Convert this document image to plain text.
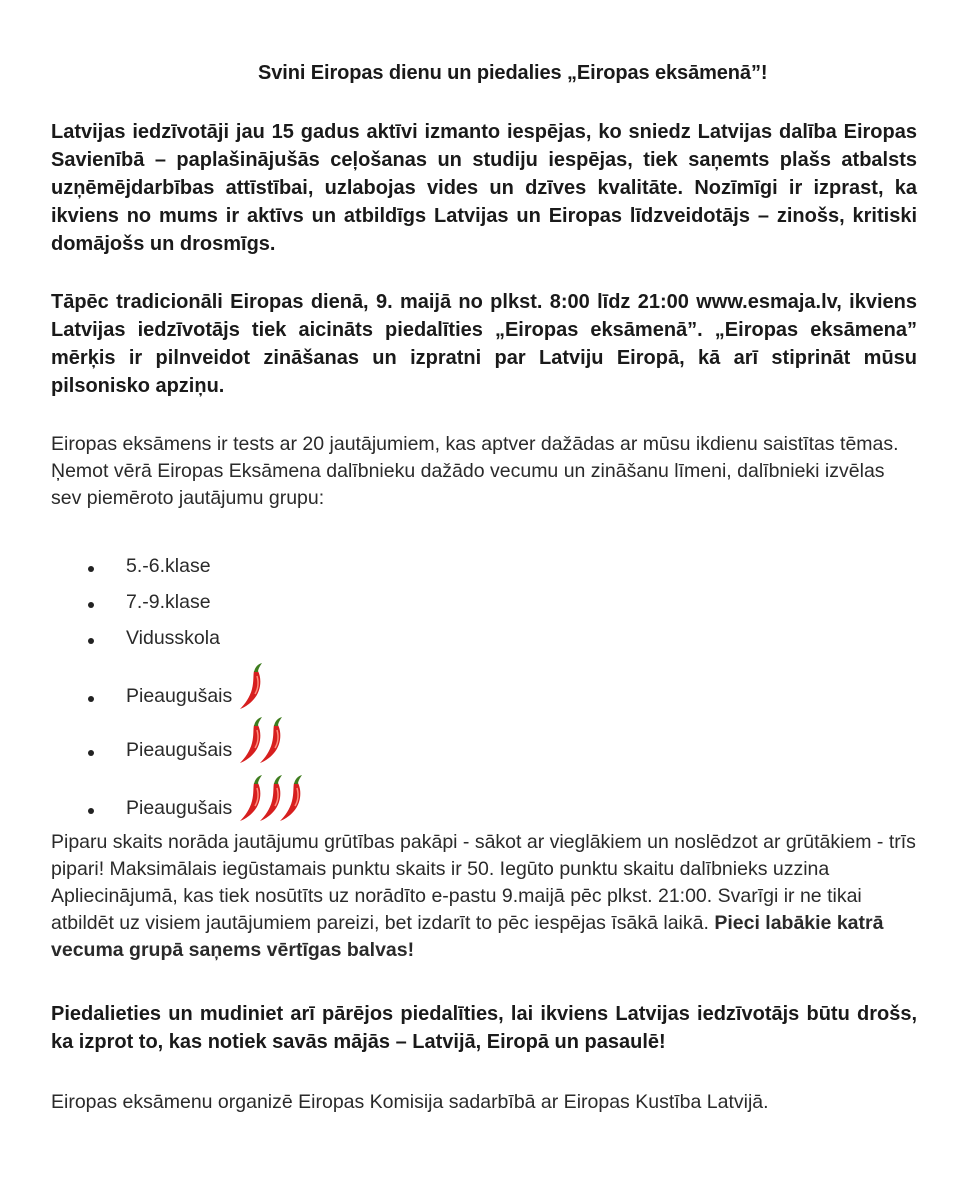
Svini Eiropas dienu un piedalies „Eiropas eksāmenā”!
Latvijas iedzīvotāji jau 15 gadus aktīvi izmanto iespējas, ko sniedz Latvijas dalība Eiropas Savienībā – paplašinājušās ceļošanas un studiju iespējas, tiek saņemts plašs atbalsts uzņēmējdarbības attīstībai, uzlabojas vides un dzīves kvalitāte. Nozīmīgi ir izprast, ka ikviens no mums ir aktīvs un atbildīgs Latvijas un Eiropas līdzveidotājs – zinošs, kritiski domājošs un drosmīgs.
Tāpēc tradicionāli Eiropas dienā, 9. maijā no plkst. 8:00 līdz 21:00 www.esmaja.lv, ikviens Latvijas iedzīvotājs tiek aicināts piedalīties „Eiropas eksāmenā”. „Eiropas eksāmena” mērķis ir pilnveidot zināšanas un izpratni par Latviju Eiropā, kā arī stiprināt mūsu pilsonisko apziņu.
Eiropas eksāmens ir tests ar 20 jautājumiem, kas aptver dažādas ar mūsu ikdienu saistītas tēmas. Ņemot vērā Eiropas Eksāmena dalībnieku dažādo vecumu un zināšanu līmeni, dalībnieki izvēlas sev piemēroto jautājumu grupu:
5.-6.klase
7.-9.klase
Vidusskola
Pieaugušais
Pieaugušais
Pieaugušais
Piparu skaits norāda jautājumu grūtības pakāpi - sākot ar vieglākiem un noslēdzot ar grūtākiem - trīs pipari! Maksimālais iegūstamais punktu skaits ir 50. Iegūto punktu skaitu dalībnieks uzzina Apliecinājumā, kas tiek nosūtīts uz norādīto e-pastu 9.maijā pēc plkst. 21:00. Svarīgi ir ne tikai atbildēt uz visiem jautājumiem pareizi, bet izdarīt to pēc iespējas īsākā laikā. Pieci labākie katrā vecuma grupā saņems vērtīgas balvas!
Piedalieties un mudiniet arī pārējos piedalīties, lai ikviens Latvijas iedzīvotājs būtu drošs, ka izprot to, kas notiek savās mājās – Latvijā, Eiropā un pasaulē!
Eiropas eksāmenu organizē Eiropas Komisija sadarbībā ar Eiropas Kustība Latvijā.
